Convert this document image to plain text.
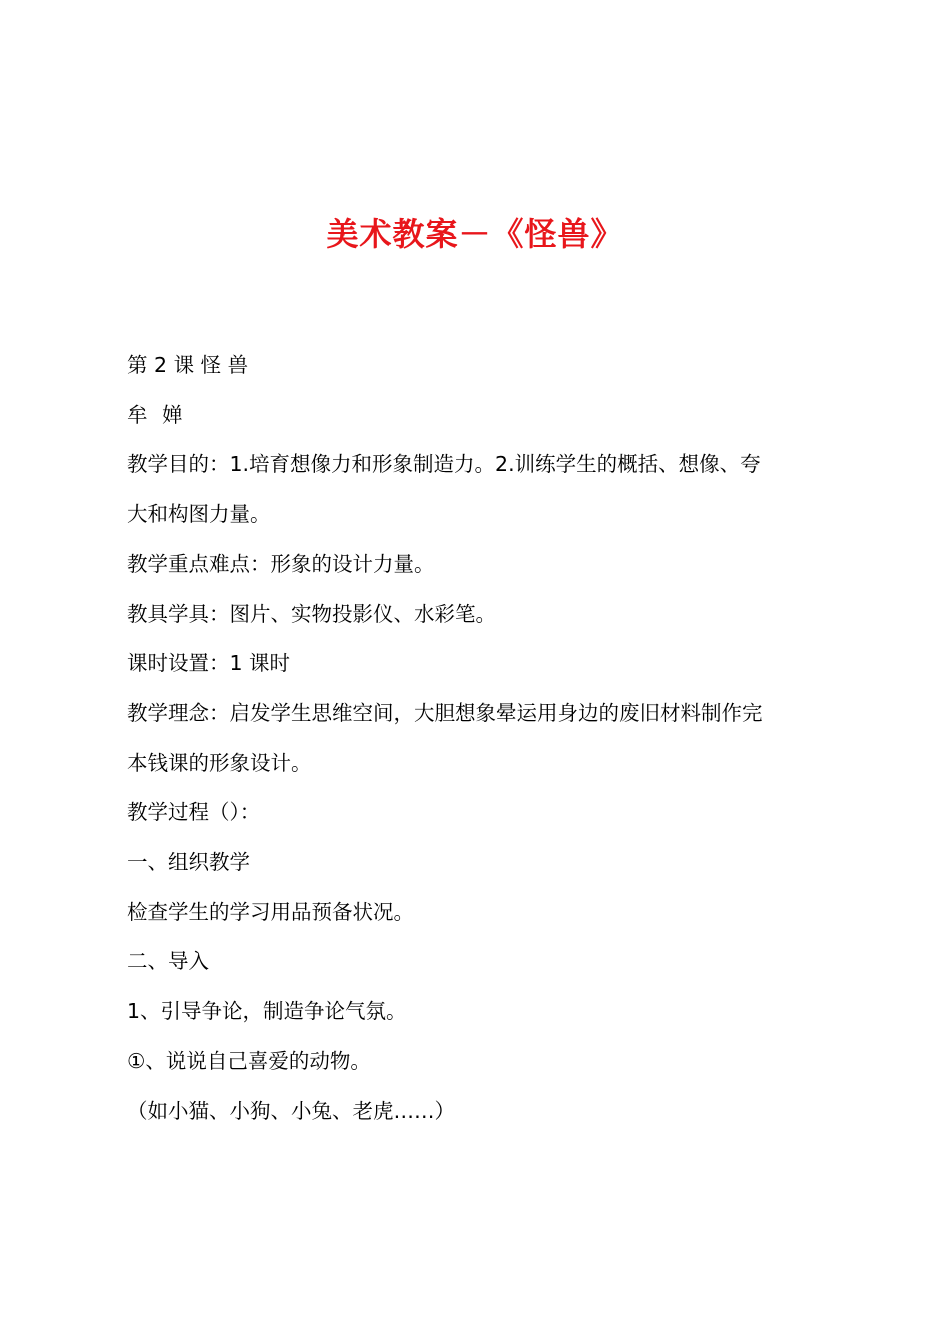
美术教案－《怪兽》
第 2 课 怪 兽
牟 婵
教学目的：1.培育想像力和形象制造力。2.训练学生的概括、想像、夸
大和构图力量。
教学重点难点：形象的设计力量。
教具学具：图片、实物投影仪、水彩笔。
课时设置：1 课时
教学理念：启发学生思维空间，大胆想象晕运用身边的废旧材料制作完
本钱课的形象设计。
教学过程（）：
一、组织教学
检查学生的学习用品预备状况。
二、导入
1、引导争论，制造争论气氛。
①、说说自己喜爱的动物。
（如小猫、小狗、小兔、老虎……）
